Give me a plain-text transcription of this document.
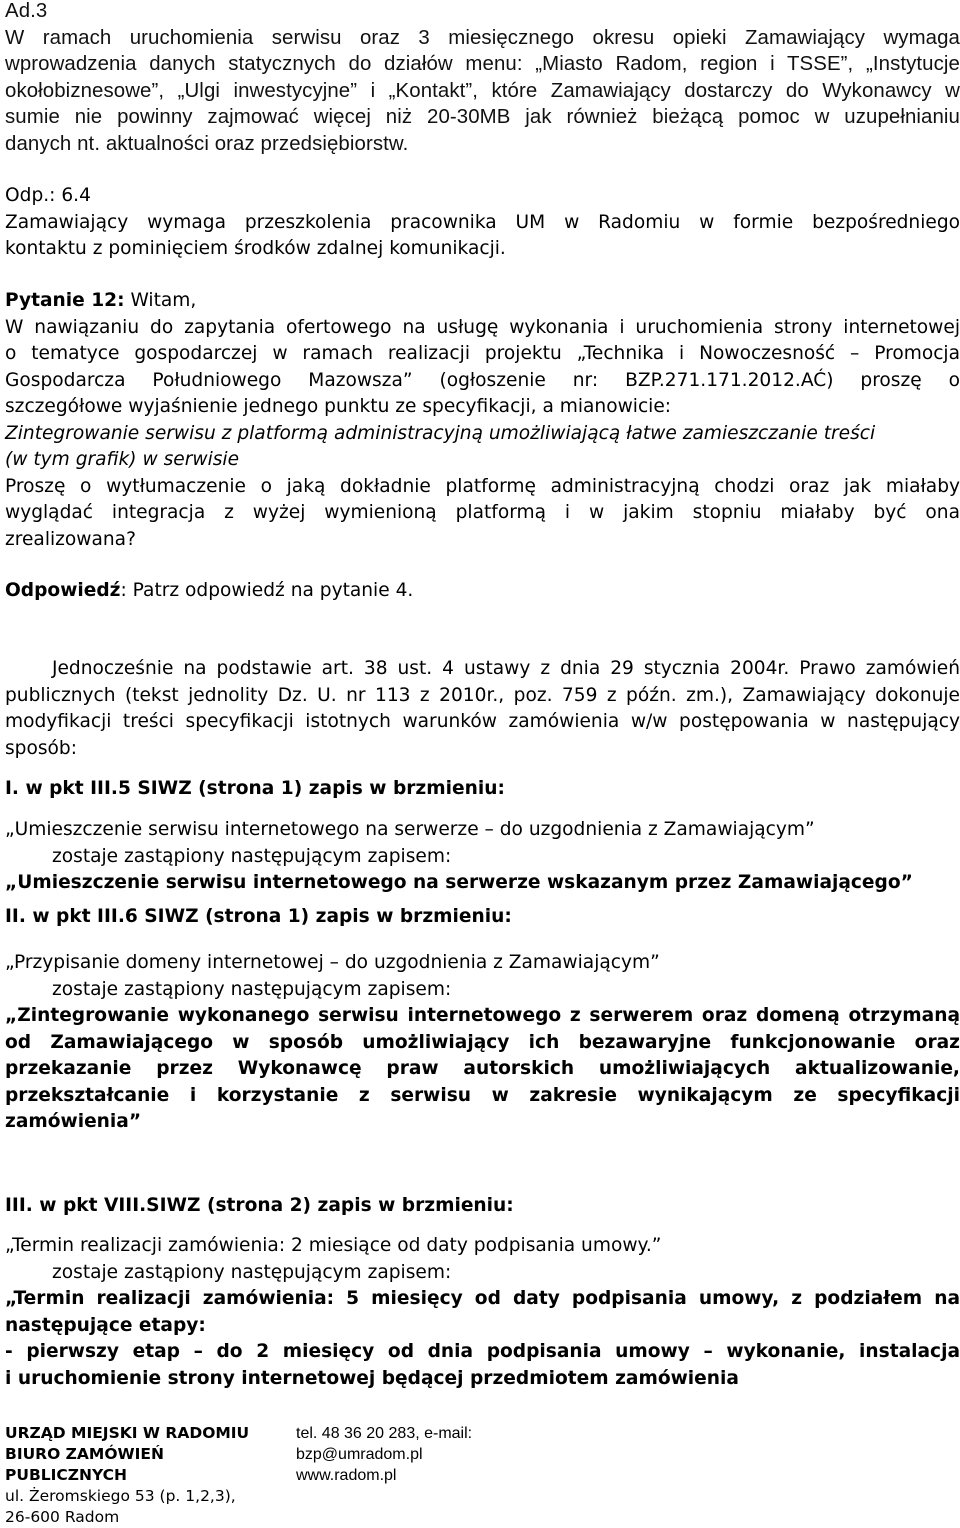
Ad.3
W ramach uruchomienia serwisu oraz 3 miesięcznego okresu opieki Zamawiający wymaga
wprowadzenia danych statycznych do działów menu: „Miasto Radom, region i TSSE”, „Instytucje
okołobiznesowe”, „Ulgi inwestycyjne” i „Kontakt”, które Zamawiający dostarczy do Wykonawcy w
sumie nie powinny zajmować więcej niż 20-30MB jak również bieżącą pomoc w uzupełnianiu
danych nt. aktualności oraz przedsiębiorstw.
Odp.: 6.4
Zamawiający wymaga przeszkolenia pracownika UM w Radomiu w formie bezpośredniego
kontaktu z pominięciem środków zdalnej komunikacji.
Pytanie 12: Witam,
W nawiązaniu do zapytania ofertowego na usługę wykonania i uruchomienia strony internetowej
o tematyce gospodarczej w ramach realizacji projektu „Technika i Nowoczesność – Promocja
Gospodarcza Południowego Mazowsza” (ogłoszenie nr: BZP.271.171.2012.AĆ) proszę o
szczegółowe wyjaśnienie jednego punktu ze specyfikacji, a mianowicie:
Zintegrowanie serwisu z platformą administracyjną umożliwiającą łatwe zamieszczanie treści
(w tym grafik) w serwisie
Proszę o wytłumaczenie o jaką dokładnie platformę administracyjną chodzi oraz jak miałaby
wyglądać integracja z wyżej wymienioną platformą i w jakim stopniu miałaby być ona
zrealizowana?
Odpowiedź: Patrz odpowiedź na pytanie 4.
Jednocześnie na podstawie art. 38 ust. 4 ustawy z dnia 29 stycznia 2004r. Prawo zamówień
publicznych (tekst jednolity Dz. U. nr 113 z 2010r., poz. 759 z późn. zm.), Zamawiający dokonuje
modyfikacji treści specyfikacji istotnych warunków zamówienia w/w postępowania w następujący
sposób:
I. w pkt III.5 SIWZ (strona 1) zapis w brzmieniu:
„Umieszczenie serwisu internetowego na serwerze – do uzgodnienia z Zamawiającym”
zostaje zastąpiony następującym zapisem:
„Umieszczenie serwisu internetowego na serwerze wskazanym przez Zamawiającego”
II. w pkt III.6 SIWZ (strona 1) zapis w brzmieniu:
„Przypisanie domeny internetowej – do uzgodnienia z Zamawiającym”
zostaje zastąpiony następującym zapisem:
„Zintegrowanie wykonanego serwisu internetowego z serwerem oraz domeną otrzymaną
od Zamawiającego w sposób umożliwiający ich bezawaryjne funkcjonowanie oraz
przekazanie przez Wykonawcę praw autorskich umożliwiających aktualizowanie,
przekształcanie i korzystanie z serwisu w zakresie wynikającym ze specyfikacji
zamówienia”
III. w pkt VIII.SIWZ (strona 2) zapis w brzmieniu:
„Termin realizacji zamówienia: 2 miesiące od daty podpisania umowy.”
zostaje zastąpiony następującym zapisem:
„Termin realizacji zamówienia: 5 miesięcy od daty podpisania umowy, z podziałem na
następujące etapy:
- pierwszy etap – do 2 miesięcy od dnia podpisania umowy – wykonanie, instalacja
i uruchomienie strony internetowej będącej przedmiotem zamówienia
URZĄD MIEJSKI W RADOMIU
BIURO ZAMÓWIEŃ
PUBLICZNYCH
ul. Żeromskiego 53 (p. 1,2,3),
26-600 Radom
tel. 48 36 20 283, e-mail:
bzp@umradom.pl
www.radom.pl
